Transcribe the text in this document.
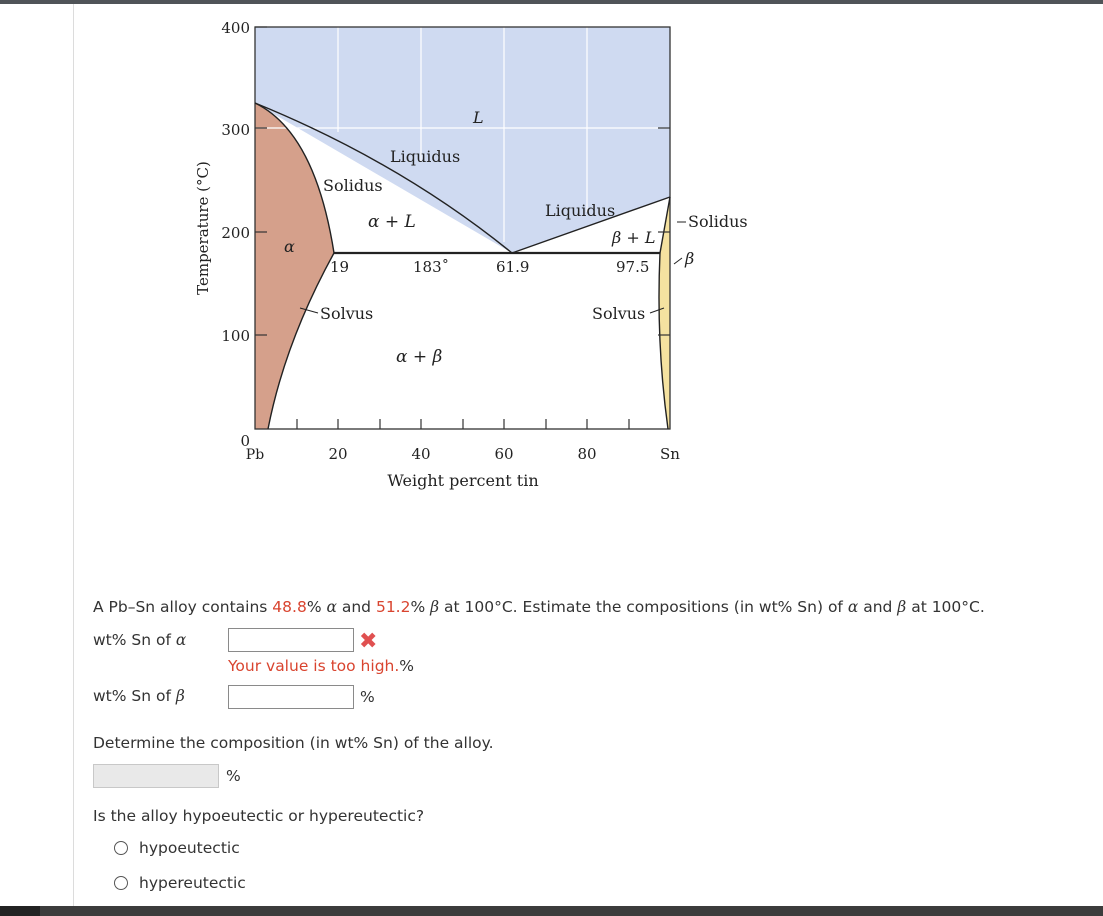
400
300
200
100
0
Pb	20	40	60	80	Sn
Weight percent tin
Temperature (°C)
L
Liquidus
Solidus
α + L
α
19	183˚	61.9
Liquidus
β + L
97.5
Solidus
β
Solvus	Solvus
α + β
A Pb–Sn alloy contains 48.8% α and 51.2% β at 100°C. Estimate the compositions (in wt% Sn) of α and β at 100°C.
wt% Sn of α	✖
Your value is too high.%
wt% Sn of β	%
Determine the composition (in wt% Sn) of the alloy.
%
Is the alloy hypoeutectic or hypereutectic?
hypoeutectic
hypereutectic
